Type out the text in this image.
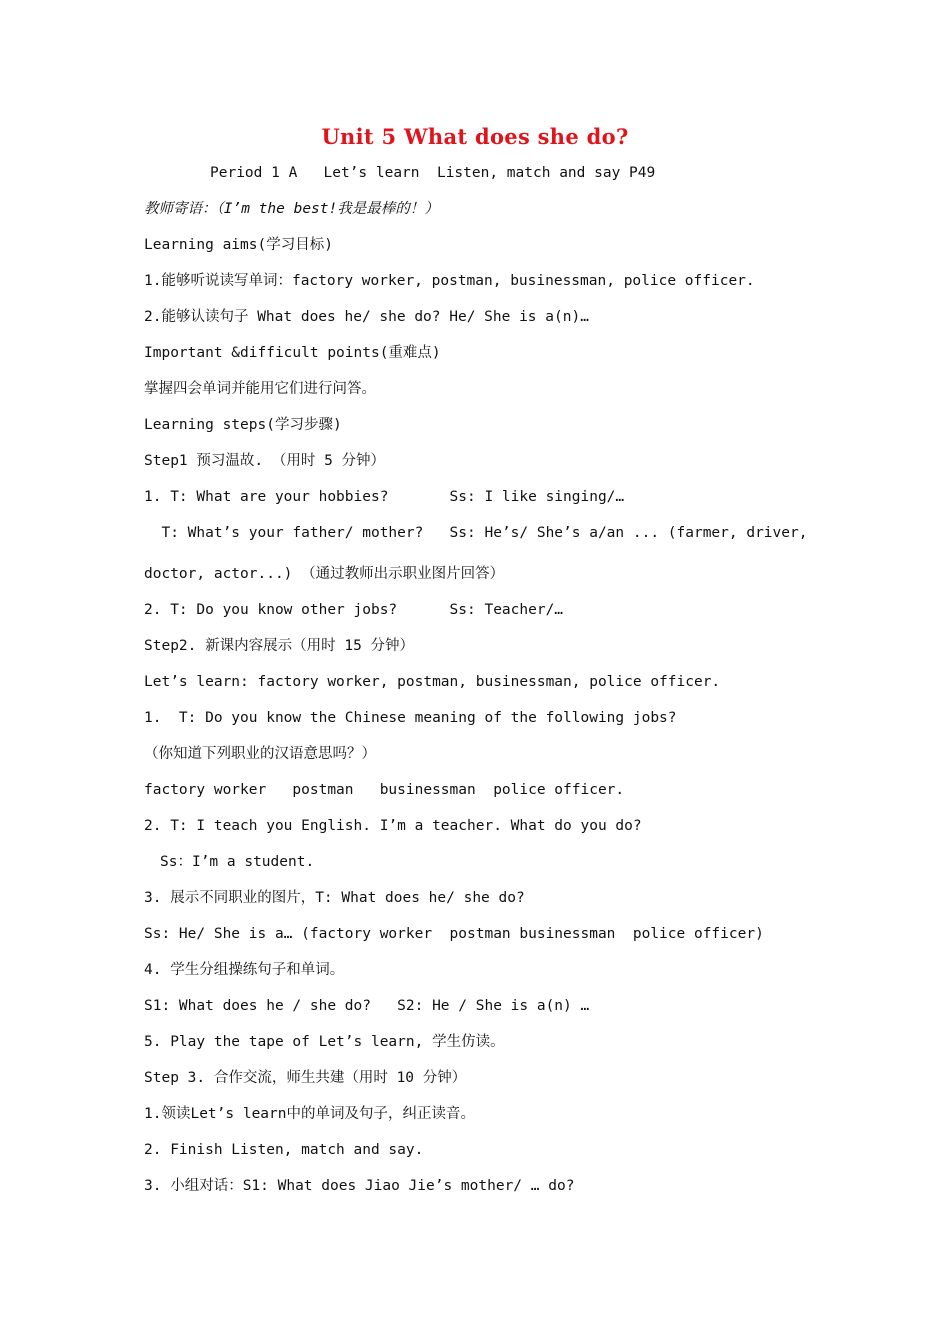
Unit 5 What does she do?
Period 1 A   Let’s learn  Listen, match and say P49
教师寄语：（I’m the best!我是最棒的！）
Learning aims(学习目标)
1.能够听说读写单词：factory worker, postman, businessman, police officer.
2.能够认读句子 What does he/ she do? He/ She is a(n)…
Important &difficult points(重难点)
掌握四会单词并能用它们进行问答。
Learning steps(学习步骤)
Step1 预习温故. （用时 5 分钟）
1. T: What are your hobbies?       Ss: I like singing/…
T: What’s your father/ mother?   Ss: He’s/ She’s a/an ... (farmer, driver,
doctor, actor...) （通过教师出示职业图片回答）
2. T: Do you know other jobs?      Ss: Teacher/…
Step2. 新课内容展示（用时 15 分钟）
Let’s learn: factory worker, postman, businessman, police officer.
1.  T: Do you know the Chinese meaning of the following jobs?
（你知道下列职业的汉语意思吗？）
factory worker   postman   businessman  police officer.
2. T: I teach you English. I’m a teacher. What do you do?
Ss：I’m a student.
3. 展示不同职业的图片，T: What does he/ she do?
Ss: He/ She is a… (factory worker  postman businessman  police officer)
4. 学生分组操练句子和单词。
S1: What does he / she do?   S2: He / She is a(n) …
5. Play the tape of Let’s learn, 学生仿读。
Step 3. 合作交流，师生共建（用时 10 分钟）
1.领读Let’s learn中的单词及句子，纠正读音。
2. Finish Listen, match and say.
3. 小组对话：S1: What does Jiao Jie’s mother/ … do?
